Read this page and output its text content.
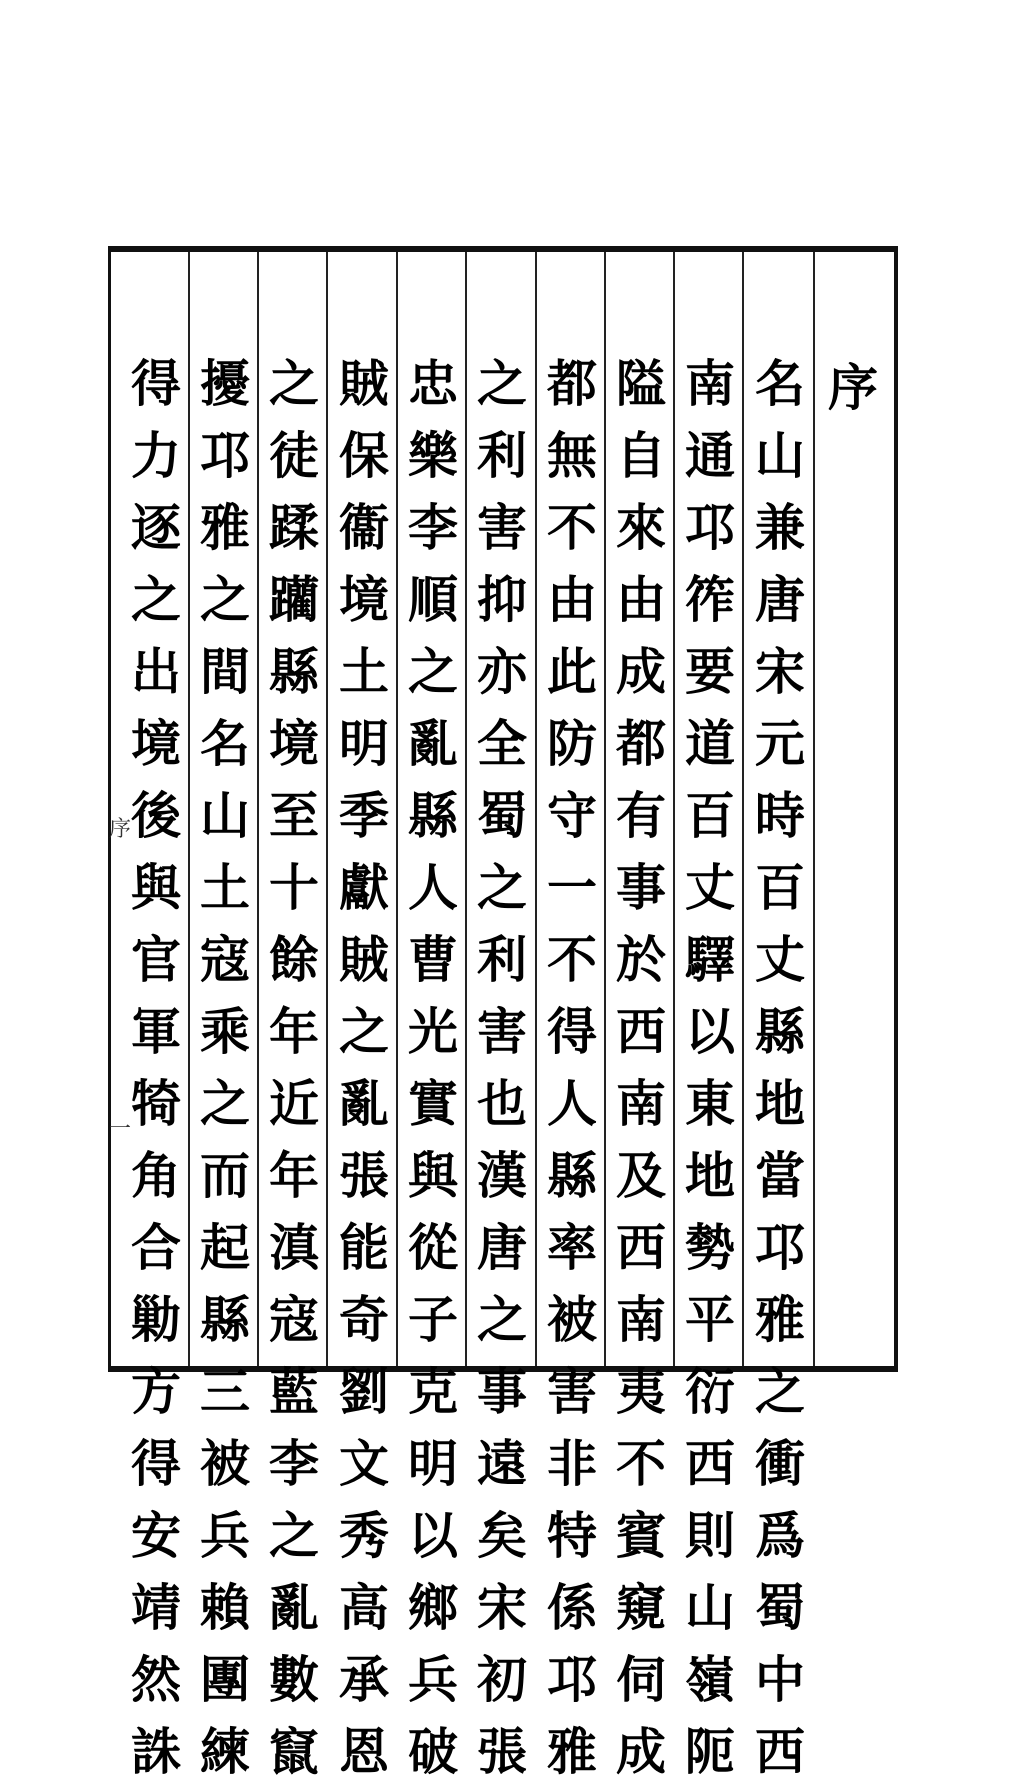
序
名
山
兼
唐
宋
元
時
百
丈
縣
地
當
邛
雅
之
衝
爲
蜀
中
西
南
通
邛
筰
要
道
百
丈
驛
以
東
地
勢
平
衍
西
則
山
嶺
阨
隘
自
來
由
成
都
有
事
於
西
南
及
西
南
夷
不
賓
窺
伺
成
都
無
不
由
此
防
守
一
不
得
人
縣
率
被
害
非
特
係
邛
雅
之
利
害
抑
亦
全
蜀
之
利
害
也
漢
唐
之
事
遠
矣
宋
初
張
忠
樂
李
順
之
亂
縣
人
曹
光
實
與
從
子
克
明
以
鄉
兵
破
賊
保
衞
境
土
明
季
獻
賊
之
亂
張
能
奇
劉
文
秀
高
承
恩
之
徒
蹂
躪
縣
境
至
十
餘
年
近
年
滇
寇
藍
李
之
亂
數
竄
擾
邛
雅
之
間
名
山
土
寇
乘
之
而
起
縣
三
被
兵
賴
團
練
得
力
逐
之
出
境
後
與
官
軍
犄
角
合
勦
方
得
安
靖
然
誅
序
一
